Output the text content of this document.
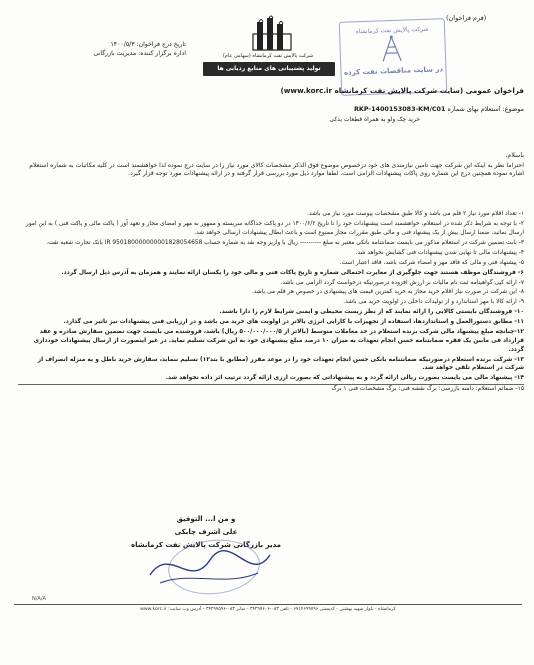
(فرم فراخوان)
شرکت پالایش نفت کرمانشاه (سهامی عام)
تولید پشتیبانی های منابع ردیابی ها
شرکت پالایش نفت کرمانشاه
در سایت مناقصات نفت کرده
تاریخ درج فراخوان: ۱۴۰۰/۵/۳
اداره برگزار کننده: مدیریت بازرگانی
فراخوان عمومی (سایت شرکت پالایش نفت کرمانشاه www.korc.ir)
موضوع: استعلام بهای شماره RKP-1400153083-KM/C01
خرید چک ولو به همراه قطعات یدکی
باسلام،
احتراما نظر به اینکه این شرکت جهت تامین نیازمندی های خود درخصوص موضوع فوق الذکر مشخصات کالای مورد نیاز را در سایت درج نموده لذا خواهشمند است در کلیه مکاتبات به شماره استعلام اشاره نموده همچنین درج این شماره روی پاکات پیشنهادات الزامی است. لطفا موارد ذیل مورد بررسی قرار گرفته و در ارائه پیشنهادات مورد توجه قرار گیرد.
۱- تعداد اقلام مورد نیاز ۲ قلم می باشد و کالا طبق مشخصات پیوست مورد نیاز می باشد.
۲- با توجه به شرایط ذکر شده در استعلام، خواهشمند است پیشنهادات خود را تا تاریخ ۱۴۰۰/۶/۲ در دو پاکت جداگانه سربسته و ممهور به مهر و امضای مجاز و تعهد آور ( پاکت مالی و پاکت فنی ) به این امور ارسال نمائید. ضمنا ارسال بیش از یک پیشنهاد فنی و مالی طبق مقررات مجاز ممنوع است و باعث ابطال پیشنهادات ارسالی خواهد شد.
۳- بابت تضمین شرکت در استعلام مذکور می بایست ضمانتنامه بانکی معتبر به مبلغ ---------- ریال یا واریز وجه نقد به شماره حساب IR 950180000000001828054658 بانک تجارت شعبه نفت.
۴- پیشنهادات مالی تا نهایی شدن پیشنهادات فنی گشایش نخواهد شد.
۵- پیشنهاد فنی و مالی که فاقد مهر و امضاء شرکت باشد، فاقد اعتبار است.
۶- فروشندگان موظف هستند جهت جلوگیری از مغایرت احتمالی شماره و تاریخ پاکات فنی و مالی خود را یکسان ارائه نمایند و همزمان به آدرس ذیل ارسال گردد.
۷- ارائه کپی گواهینامه ثبت نام مالیات بر ارزش افزوده درصورتیکه درخواست گردد الزامی می باشد.
۸- این شرکت در صورت نیاز اقلام خرید مجاز به خرید کمترین قیمت های پیشنهادی در خصوص هر قلم می باشد.
۹- ارائه کالا با مهر استاندارد و از تولیدات داخلی در اولویت خرید می باشد.
۱۰- فروشندگان بایستی کالایی را ارائه نمایند که از نظر زیست محیطی و ایمنی شرایط لازم را دارا باشند.
۱۱- مطابق دستورالعمل و استانداردها، استفاده از تجهیزات با کارایی انرژی بالاتر در اولویت های خرید می باشد و در ارزیابی فنی پیشنهادات نیز تاثیر می گذارد.
۱۲-چنانچه مبلغ پیشنهاد مالی شرکت برنده استعلام در حد معاملات متوسط (بالاتر از ۵۰۰/۰۰۰/۰۰۰/۵ ریال) باشد، فروشنده می بایست جهت تضمین سفارش صادره و عقد قرارداد فی مابین یک فقره ضمانتنامه حسن انجام تعهدات به میزان ۱۰ درصد مبلغ پیشنهادی خود به این شرکت تسلیم نماید. در غیر اینصورت از ارسال پیشنهادات خودداری گردد.
۱۳- شرکت برنده استعلام درصورتیکه ضمانتنامه بانکی حسن انجام تعهدات خود را در موعد مقرر (مطابق با بند۱۲) تسلیم ننماید، سفارش خرید باطل و به منزله انصراف از شرکت در استعلام تلقی خواهد شد.
۱۴- پیشنهاد مالی می بایست بصورت ریالی ارائه گردد و به پیشنهاداتی که بصورت ارزی ارائه گردد ترتیب اثر داده نخواهد شد.
۱۵- ضمائم استعلام: دامنه بازرسی: برگ نقشه فنی: برگ مشخصات فنی ۱ برگ
و من ا... التوفیق
علی اشرف چابکی
مدیر بازرگانی شرکت پالایش نفت کرمانشاه
N/A/A
کرمانشاه - بلوار شهید بهشتی - کدپستی ۶۷۱۴۶۹۹۷۹۶ - تلفن ۰۸۳-۳۴۲۹۷۶۰۶ - نمابر ۰۸۳-۳۴۲۹۷۵۹۶ - آدرس وب سایت: www.korc.ir
